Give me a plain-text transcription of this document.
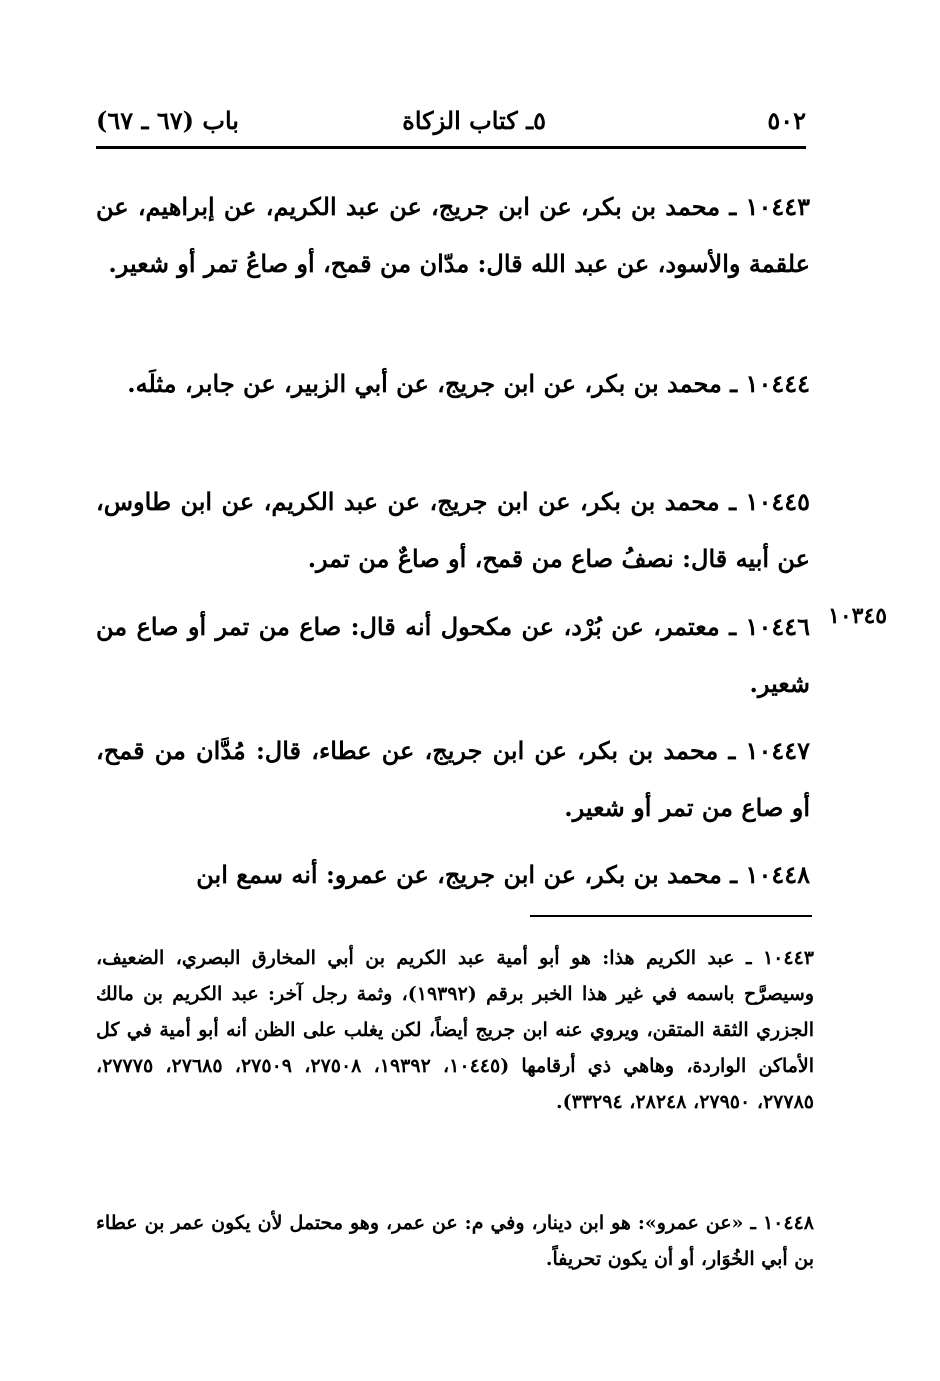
٥٠٢
٥ـ كتاب الزكاة
باب (٦٧ ـ ٦٧)
١٠٤٤٣ ـ محمد بن بكر، عن ابن جريج، عن عبد الكريم، عن إبراهيم، عن علقمة والأسود، عن عبد الله قال: مدّان من قمح، أو صاعُ تمر أو شعير.
١٠٤٤٤ ـ محمد بن بكر، عن ابن جريج، عن أبي الزبير، عن جابر، مثلَه.
١٠٤٤٥ ـ محمد بن بكر، عن ابن جريج، عن عبد الكريم، عن ابن طاوس، عن أبيه قال: نصفُ صاع من قمح، أو صاعٌ من تمر.
١٠٣٤٥
١٠٤٤٦ ـ معتمر، عن بُرْد، عن مكحول أنه قال: صاع من تمر أو صاع من شعير.
١٠٤٤٧ ـ محمد بن بكر، عن ابن جريج، عن عطاء، قال: مُدَّان من قمح، أو صاع من تمر أو شعير.
١٠٤٤٨ ـ محمد بن بكر، عن ابن جريج، عن عمرو: أنه سمع ابن
١٠٤٤٣ ـ عبد الكريم هذا: هو أبو أمية عبد الكريم بن أبي المخارق البصري، الضعيف، وسيصرَّح باسمه في غير هذا الخبر برقم (١٩٣٩٢)، وثمة رجل آخر: عبد الكريم بن مالك الجزري الثقة المتقن، ويروي عنه ابن جريج أيضاً، لكن يغلب على الظن أنه أبو أمية في كل الأماكن الواردة، وهاهي ذي أرقامها (١٠٤٤٥، ١٩٣٩٢، ٢٧٥٠٨، ٢٧٥٠٩، ٢٧٦٨٥، ٢٧٧٧٥، ٢٧٧٨٥، ٢٧٩٥٠، ٢٨٢٤٨، ٣٣٢٩٤).
١٠٤٤٨ ـ «عن عمرو»: هو ابن دينار، وفي م: عن عمر، وهو محتمل لأن يكون عمر بن عطاء بن أبي الخُوَار، أو أن يكون تحريفاً.
